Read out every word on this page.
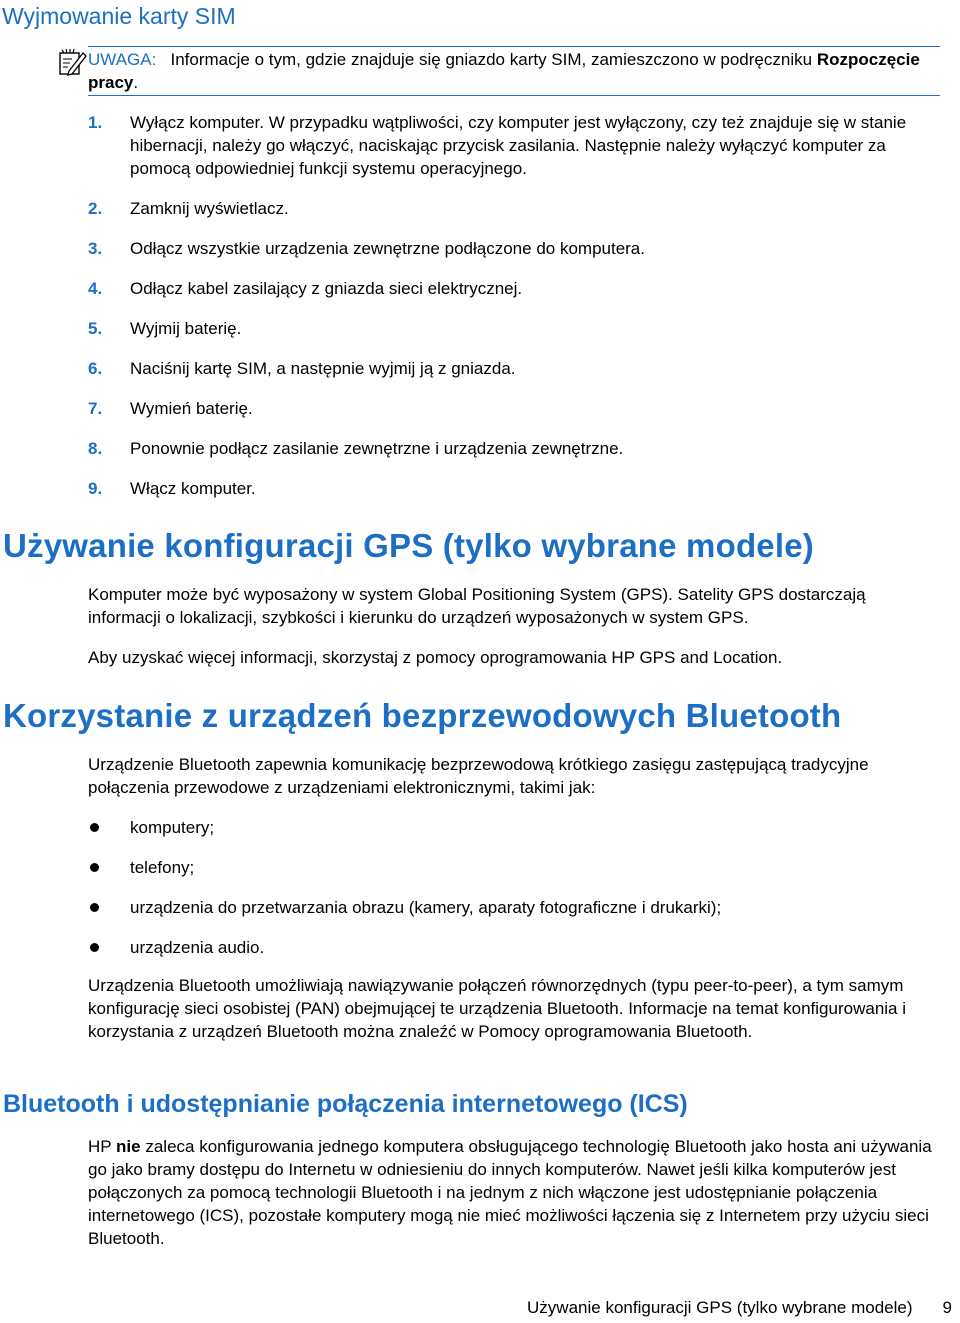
Wyjmowanie karty SIM

UWAGA: Informacje o tym, gdzie znajduje się gniazdo karty SIM, zamieszczono w podręczniku Rozpoczęcie pracy.

1. Wyłącz komputer. W przypadku wątpliwości, czy komputer jest wyłączony, czy też znajduje się w stanie hibernacji, należy go włączyć, naciskając przycisk zasilania. Następnie należy wyłączyć komputer za pomocą odpowiedniej funkcji systemu operacyjnego.
2. Zamknij wyświetlacz.
3. Odłącz wszystkie urządzenia zewnętrzne podłączone do komputera.
4. Odłącz kabel zasilający z gniazda sieci elektrycznej.
5. Wyjmij baterię.
6. Naciśnij kartę SIM, a następnie wyjmij ją z gniazda.
7. Wymień baterię.
8. Ponownie podłącz zasilanie zewnętrzne i urządzenia zewnętrzne.
9. Włącz komputer.
Używanie konfiguracji GPS (tylko wybrane modele)

Komputer może być wyposażony w system Global Positioning System (GPS). Satelity GPS dostarczają informacji o lokalizacji, szybkości i kierunku do urządzeń wyposażonych w system GPS.

Aby uzyskać więcej informacji, skorzystaj z pomocy oprogramowania HP GPS and Location.

Korzystanie z urządzeń bezprzewodowych Bluetooth

Urządzenie Bluetooth zapewnia komunikację bezprzewodową krótkiego zasięgu zastępującą tradycyjne połączenia przewodowe z urządzeniami elektronicznymi, takimi jak:

komputery;
telefony;
urządzenia do przetwarzania obrazu (kamery, aparaty fotograficzne i drukarki);
urządzenia audio.

Urządzenia Bluetooth umożliwiają nawiązywanie połączeń równorzędnych (typu peer-to-peer), a tym samym konfigurację sieci osobistej (PAN) obejmującej te urządzenia Bluetooth. Informacje na temat konfigurowania i korzystania z urządzeń Bluetooth można znaleźć w Pomocy oprogramowania Bluetooth.

Bluetooth i udostępnianie połączenia internetowego (ICS)

HP nie zaleca konfigurowania jednego komputera obsługującego technologię Bluetooth jako hosta ani używania go jako bramy dostępu do Internetu w odniesieniu do innych komputerów. Nawet jeśli kilka komputerów jest połączonych za pomocą technologii Bluetooth i na jednym z nich włączone jest udostępnianie połączenia internetowego (ICS), pozostałe komputery mogą nie mieć możliwości łączenia się z Internetem przy użyciu sieci Bluetooth.

Używanie konfiguracji GPS (tylko wybrane modele) 9
